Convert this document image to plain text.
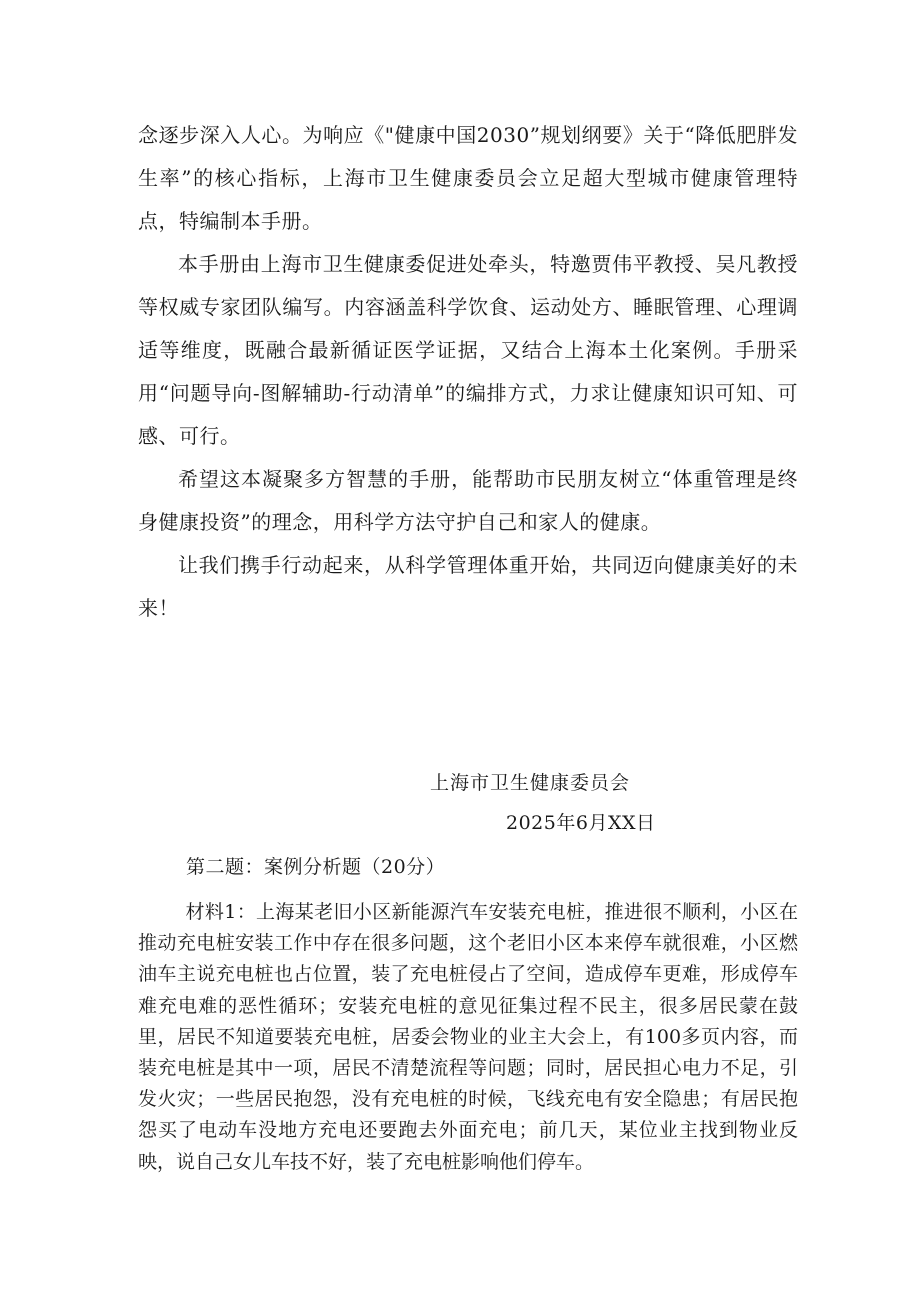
念逐步深入人心。为响应《"健康中国2030”规划纲要》关于“降低肥胖发生率”的核心指标，上海市卫生健康委员会立足超大型城市健康管理特点，特编制本手册。

本手册由上海市卫生健康委促进处牵头，特邀贾伟平教授、吴凡教授等权威专家团队编写。内容涵盖科学饮食、运动处方、睡眠管理、心理调适等维度，既融合最新循证医学证据，又结合上海本土化案例。手册采用“问题导向-图解辅助-行动清单”的编排方式，力求让健康知识可知、可感、可行。

希望这本凝聚多方智慧的手册，能帮助市民朋友树立“体重管理是终身健康投资”的理念，用科学方法守护自己和家人的健康。

让我们携手行动起来，从科学管理体重开始，共同迈向健康美好的未来！

上海市卫生健康委员会
2025年6月XX日
第二题：案例分析题（20分）

材料1：上海某老旧小区新能源汽车安装充电桩，推进很不顺利，小区在推动充电桩安装工作中存在很多问题，这个老旧小区本来停车就很难，小区燃油车主说充电桩也占位置，装了充电桩侵占了空间，造成停车更难，形成停车难充电难的恶性循环；安装充电桩的意见征集过程不民主，很多居民蒙在鼓里，居民不知道要装充电桩，居委会物业的业主大会上，有100多页内容，而装充电桩是其中一项，居民不清楚流程等问题；同时，居民担心电力不足，引发火灾；一些居民抱怨，没有充电桩的时候，飞线充电有安全隐患；有居民抱怨买了电动车没地方充电还要跑去外面充电；前几天，某位业主找到物业反映，说自己女儿车技不好，装了充电桩影响他们停车。
